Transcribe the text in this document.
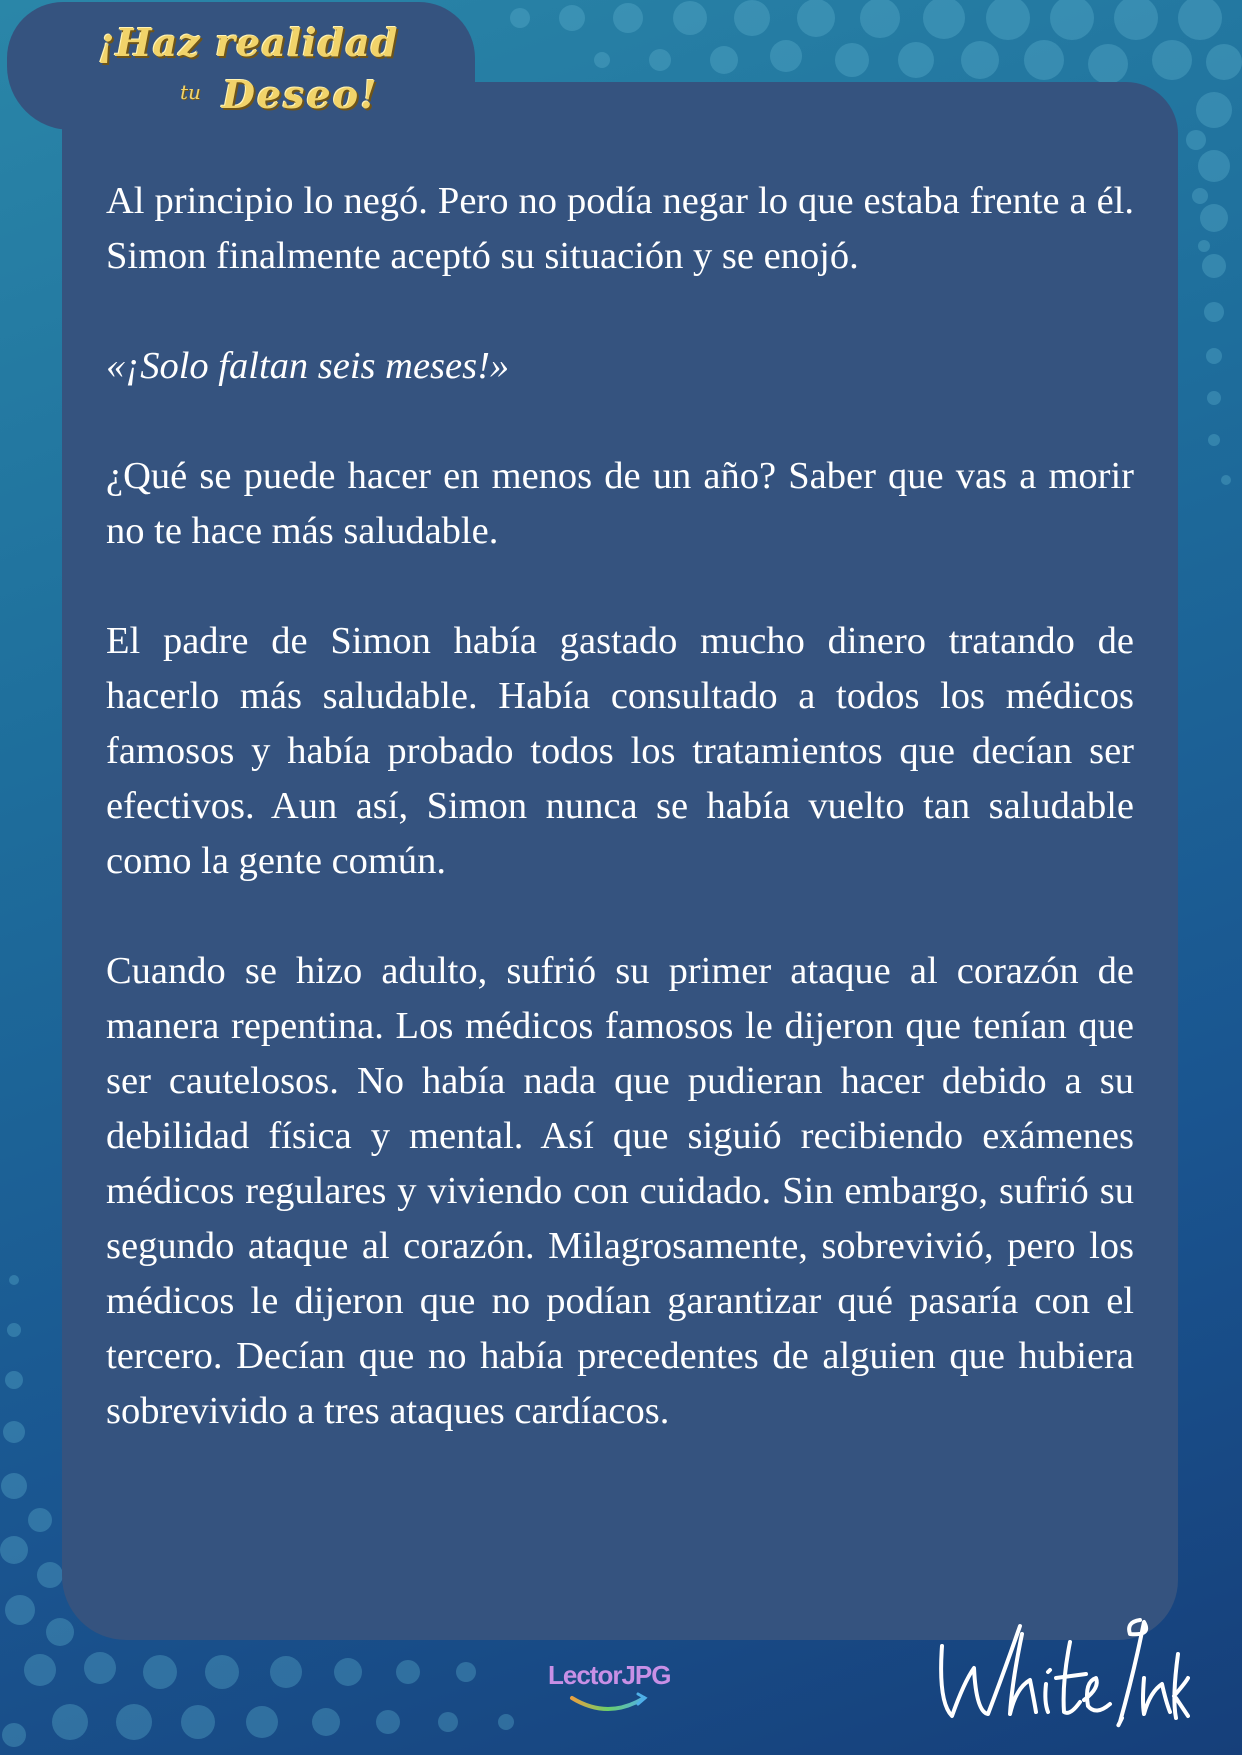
¡Haz realidad
tu Deseo!

Al principio lo negó. Pero no podía negar lo que estaba frente a él. Simon finalmente aceptó su situación y se enojó.

«¡Solo faltan seis meses!»

¿Qué se puede hacer en menos de un año? Saber que vas a morir no te hace más saludable.

El padre de Simon había gastado mucho dinero tratando de hacerlo más saludable. Había consultado a todos los médicos famosos y había probado todos los tratamientos que decían ser efectivos. Aun así, Simon nunca se había vuelto tan saludable como la gente común.

Cuando se hizo adulto, sufrió su primer ataque al corazón de manera repentina. Los médicos famosos le dijeron que tenían que ser cautelosos. No había nada que pudieran hacer debido a su debilidad física y mental. Así que siguió recibiendo exámenes médicos regulares y viviendo con cuidado. Sin embargo, sufrió su segundo ataque al corazón. Milagrosamente, sobrevivió, pero los médicos le dijeron que no podían garantizar qué pasaría con el tercero. Decían que no había precedentes de alguien que hubiera sobrevivido a tres ataques cardíacos.

LectorJPG
